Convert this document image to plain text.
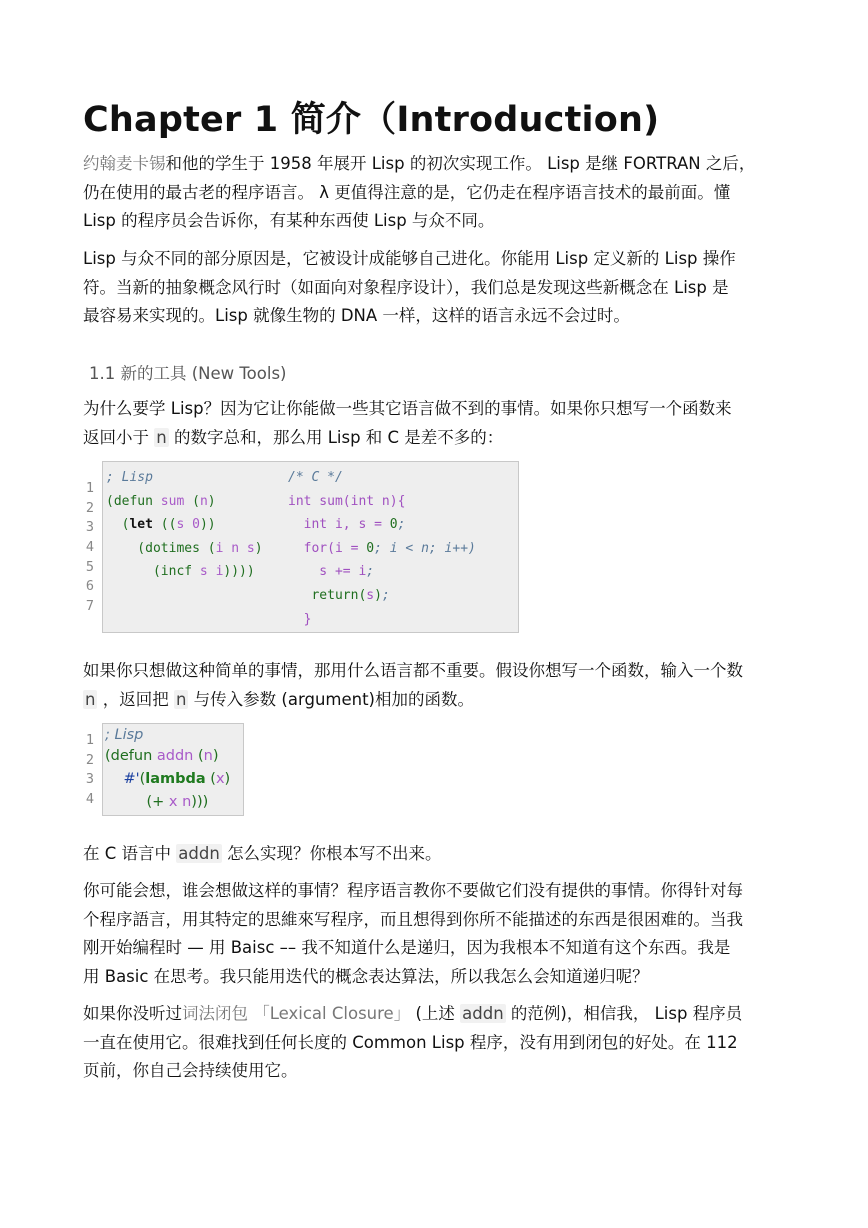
Chapter 1 简介（Introduction)
约翰麦卡锡和他的学生于 1958 年展开 Lisp 的初次实现工作。 Lisp 是继 FORTRAN 之后，
仍在使用的最古老的程序语言。 λ 更值得注意的是，它仍走在程序语言技术的最前面。懂
Lisp 的程序员会告诉你，有某种东西使 Lisp 与众不同。
Lisp 与众不同的部分原因是，它被设计成能够自己进化。你能用 Lisp 定义新的 Lisp 操作
符。当新的抽象概念风行时（如面向对象程序设计），我们总是发现这些新概念在 Lisp 是
最容易来实现的。Lisp 就像生物的 DNA 一样，这样的语言永远不会过时。
1.1 新的工具 (New Tools)
为什么要学 Lisp？因为它让你能做一些其它语言做不到的事情。如果你只想写一个函数来
返回小于 n 的数字总和，那么用 Lisp 和 C 是差不多的：
1
2
3
4
5
6
7
; Lisp
(defun sum (n)
(let ((s 0))
(dotimes (i n s)
(incf s i))))
/* C */
int sum(int n){
int i, s = 0;
for(i = 0; i < n; i++)
s += i;
return(s);
}
如果你只想做这种简单的事情，那用什么语言都不重要。假设你想写一个函数，输入一个数
n ，返回把 n 与传入参数 (argument)相加的函数。
1
2
3
4
; Lisp
(defun addn (n)
#'(lambda (x)
(+ x n)))
在 C 语言中 addn 怎么实现？你根本写不出来。
你可能会想，谁会想做这样的事情？程序语言教你不要做它们没有提供的事情。你得针对每
个程序語言，用其特定的思維來写程序，而且想得到你所不能描述的东西是很困难的。当我
刚开始编程时 — 用 Baisc –– 我不知道什么是递归，因为我根本不知道有这个东西。我是
用 Basic 在思考。我只能用迭代的概念表达算法，所以我怎么会知道递归呢？
如果你没听过词法闭包 「Lexical Closure」 (上述 addn 的范例)，相信我， Lisp 程序员
一直在使用它。很难找到任何长度的 Common Lisp 程序，没有用到闭包的好处。在 112
页前，你自己会持续使用它。
